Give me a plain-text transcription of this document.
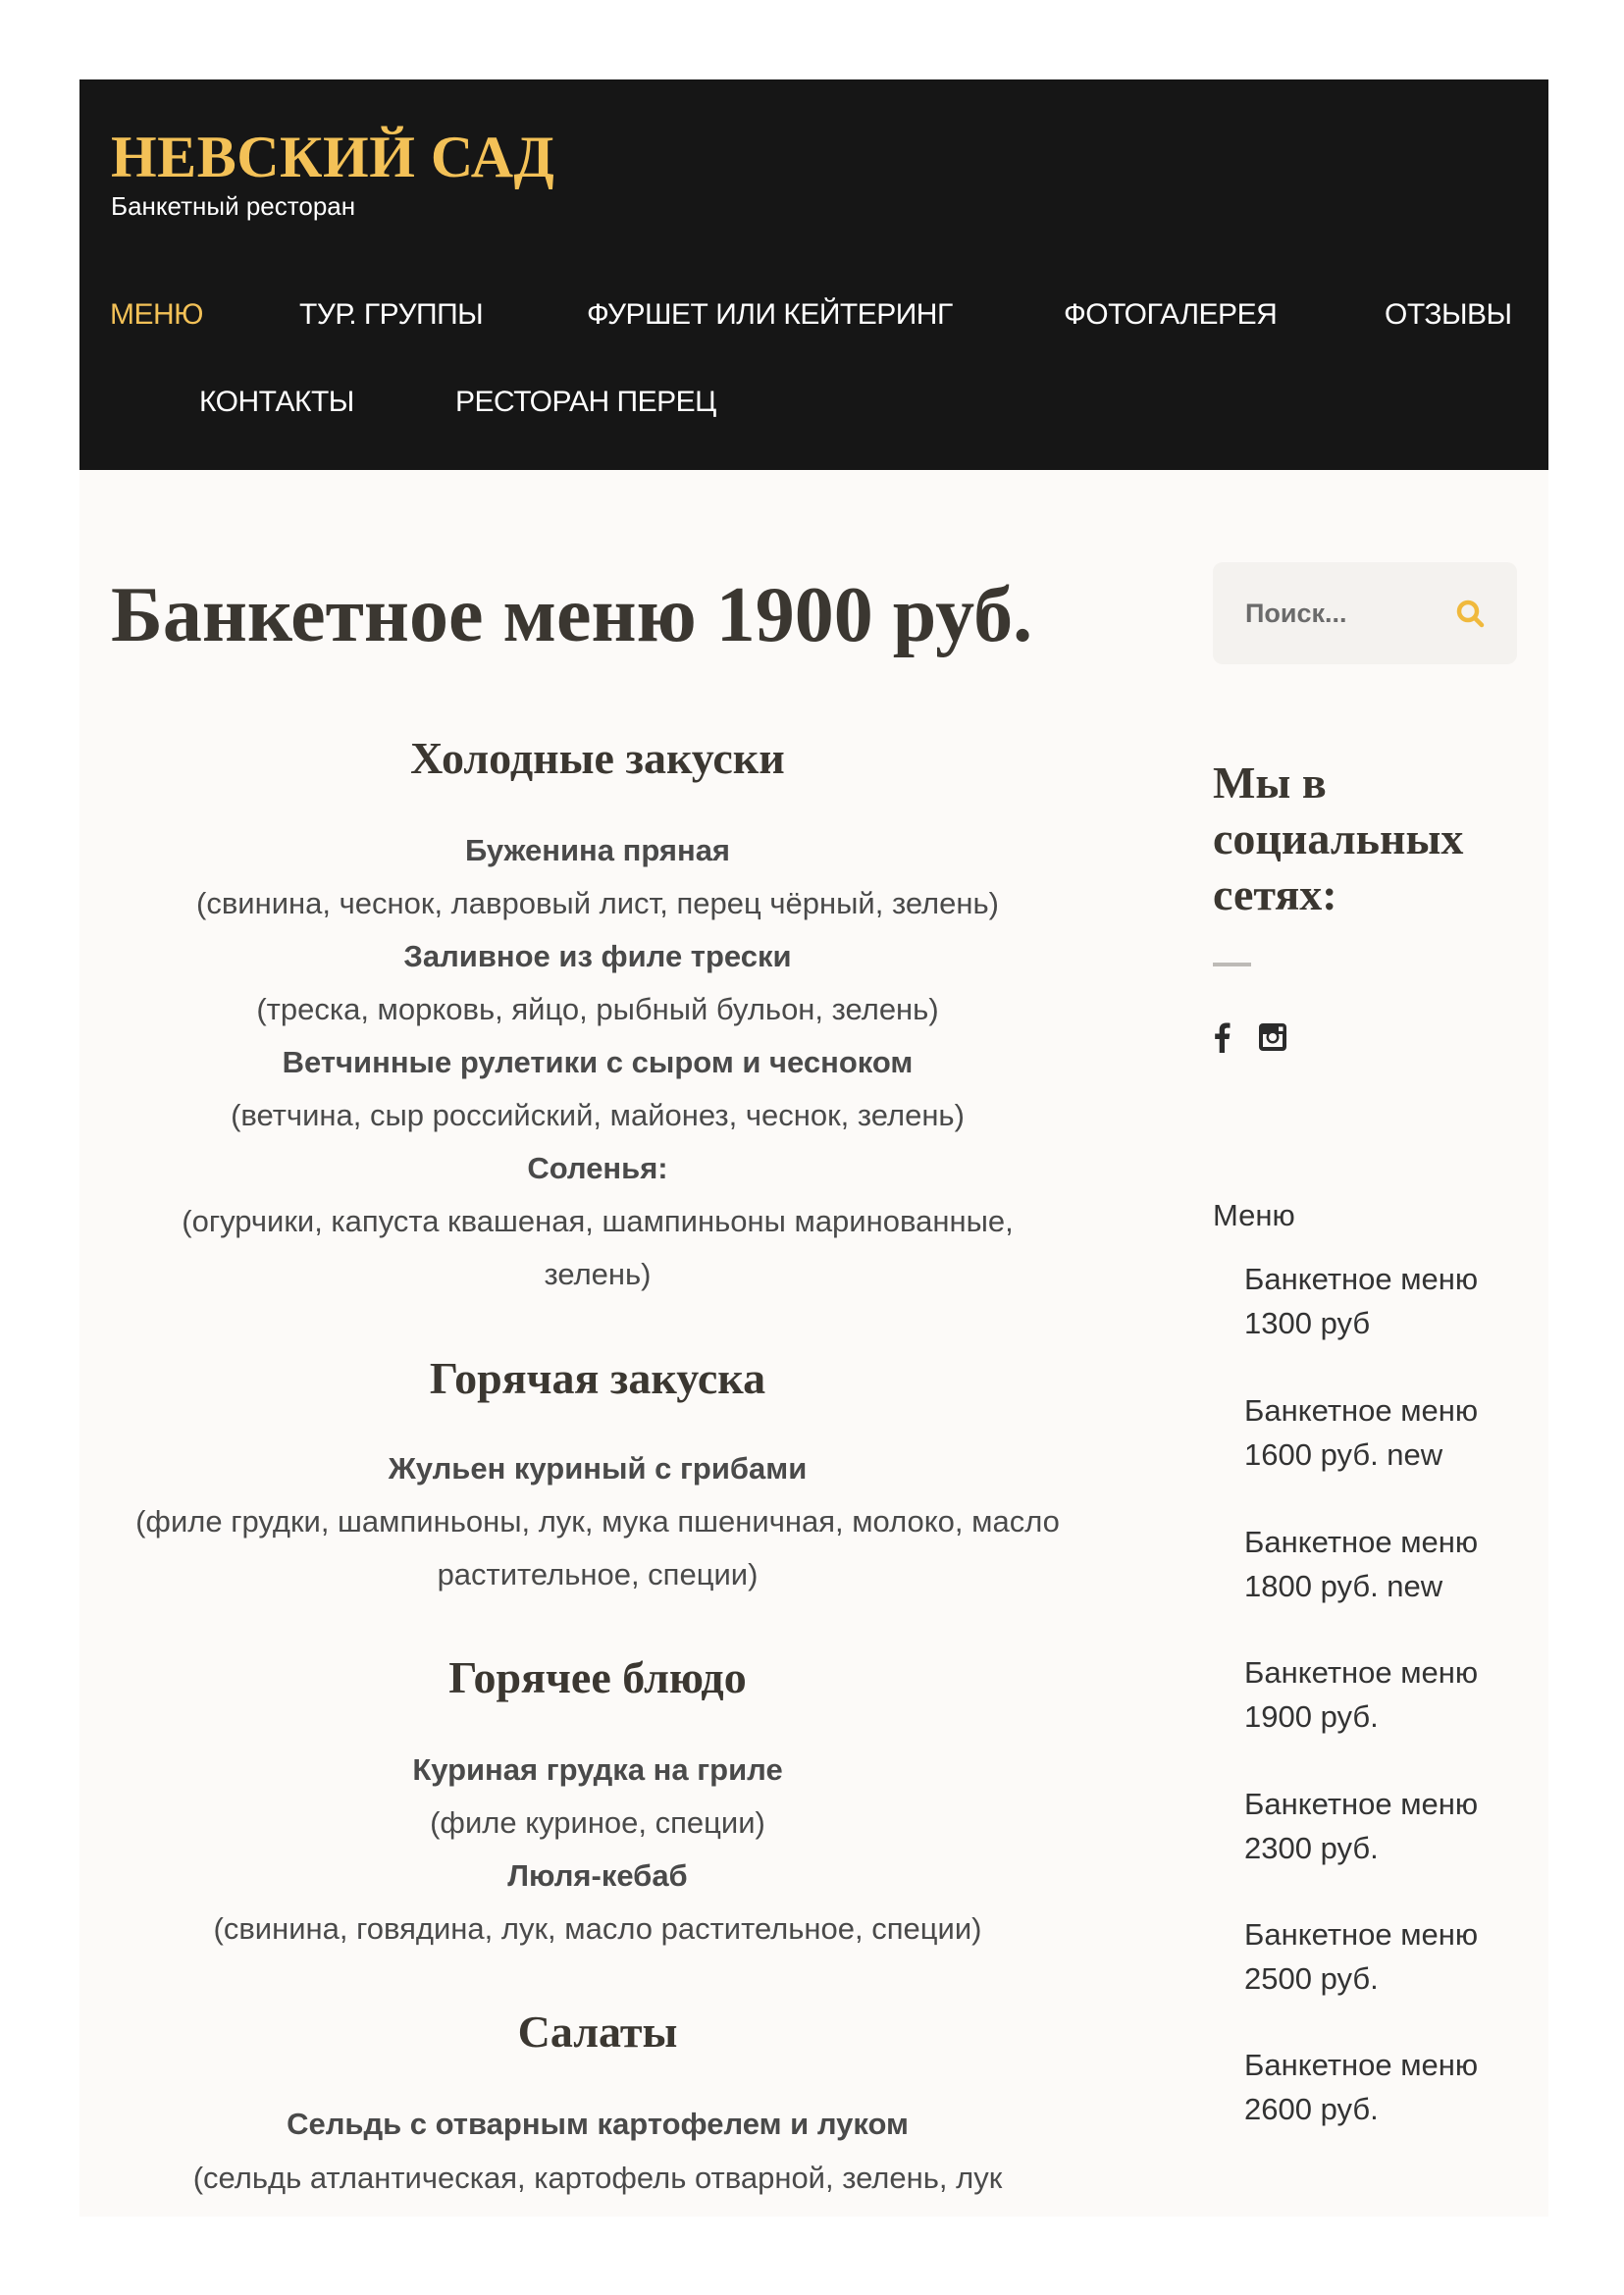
НЕВСКИЙ САД
Банкетный ресторан
МЕНЮ	ТУР. ГРУППЫ	ФУРШЕТ ИЛИ КЕЙТЕРИНГ	ФОТОГАЛЕРЕЯ	ОТЗЫВЫ
КОНТАКТЫ	РЕСТОРАН ПЕРЕЦ
Банкетное меню 1900 руб.
Холодные закуски
Буженина пряная
(свинина, чеснок, лавровый лист, перец чёрный, зелень)
Заливное из филе трески
(треска, морковь, яйцо, рыбный бульон, зелень)
Ветчинные рулетики с сыром и чесноком
(ветчина, сыр российский, майонез, чеснок, зелень)
Соленья:
(огурчики, капуста квашеная, шампиньоны маринованные,
зелень)
Горячая закуска
Жульен куриный с грибами
(филе грудки, шампиньоны, лук, мука пшеничная, молоко, масло
растительное, специи)
Горячее блюдо
Куриная грудка на гриле
(филе куриное, специи)
Люля-кебаб
(свинина, говядина, лук, масло растительное, специи)
Салаты
Сельдь с отварным картофелем и луком
(сельдь атлантическая, картофель отварной, зелень, лук
Поиск...
Мы в социальных сетях:
Меню
Банкетное меню
1300 руб
Банкетное меню
1600 руб. new
Банкетное меню
1800 руб. new
Банкетное меню
1900 руб.
Банкетное меню
2300 руб.
Банкетное меню
2500 руб.
Банкетное меню
2600 руб.
